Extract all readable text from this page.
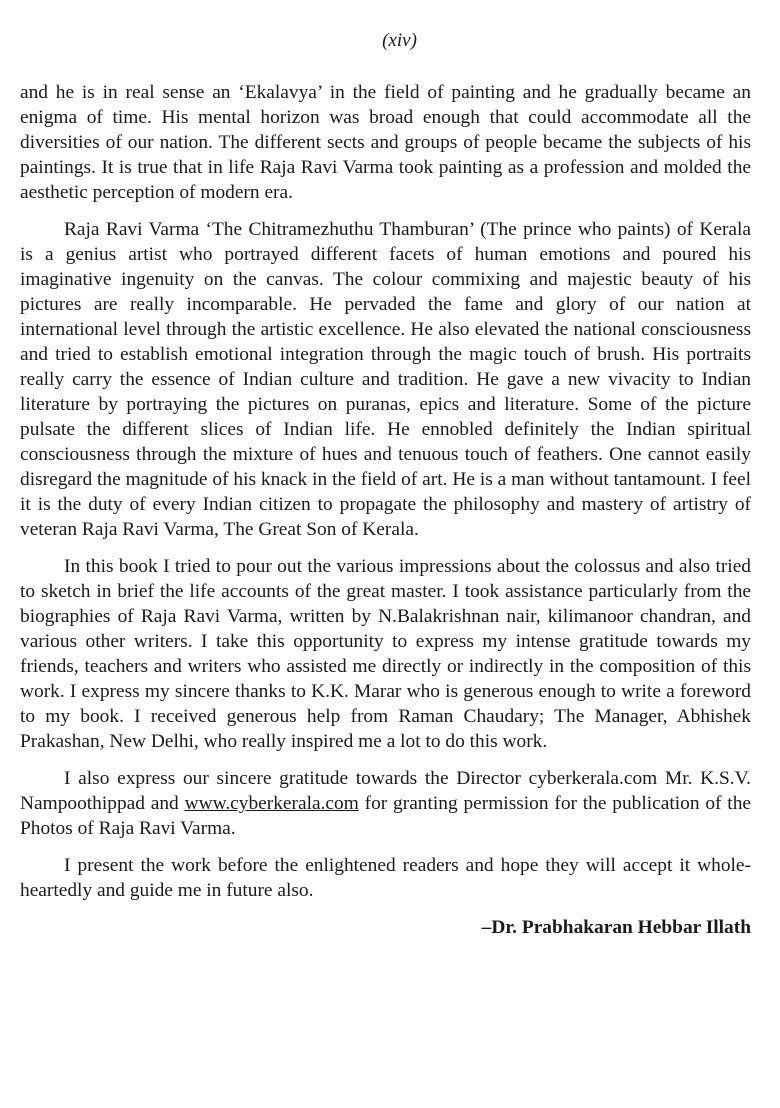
(xiv)

and he is in real sense an ‘Ekalavya’ in the field of painting and he gradually became an enigma of time. His mental horizon was broad enough that could accommodate all the diversities of our nation. The different sects and groups of people became the subjects of his paintings. It is true that in life Raja Ravi Varma took painting as a profession and molded the aesthetic perception of modern era.

Raja Ravi Varma ‘The Chitramezhuthu Thamburan’ (The prince who paints) of Kerala is a genius artist who portrayed different facets of human emotions and poured his imaginative ingenuity on the canvas. The colour commixing and majestic beauty of his pictures are really incomparable. He pervaded the fame and glory of our nation at international level through the artistic excellence. He also elevated the national consciousness and tried to establish emotional integration through the magic touch of brush. His portraits really carry the essence of Indian culture and tradition. He gave a new vivacity to Indian literature by portraying the pictures on puranas, epics and literature. Some of the picture pulsate the different slices of Indian life. He ennobled definitely the Indian spiritual consciousness through the mixture of hues and tenuous touch of feathers. One cannot easily disregard the magnitude of his knack in the field of art. He is a man without tantamount. I feel it is the duty of every Indian citizen to propagate the philosophy and mastery of artistry of veteran Raja Ravi Varma, The Great Son of Kerala.

In this book I tried to pour out the various impressions about the colossus and also tried to sketch in brief the life accounts of the great master. I took assistance particularly from the biographies of Raja Ravi Varma, written by N.Balakrishnan nair, kilimanoor chandran, and various other writers. I take this opportunity to express my intense gratitude towards my friends, teachers and writers who assisted me directly or indirectly in the composition of this work. I express my sincere thanks to K.K. Marar who is generous enough to write a foreword to my book. I received generous help from Raman Chaudary; The Manager, Abhishek Prakashan, New Delhi, who really inspired me a lot to do this work.

I also express our sincere gratitude towards the Director cyberkerala.com Mr. K.S.V. Nampoothippad and www.cyberkerala.com for granting permission for the publication of the Photos of Raja Ravi Varma.

I present the work before the enlightened readers and hope they will accept it whole-heartedly and guide me in future also.

–Dr. Prabhakaran Hebbar Illath
